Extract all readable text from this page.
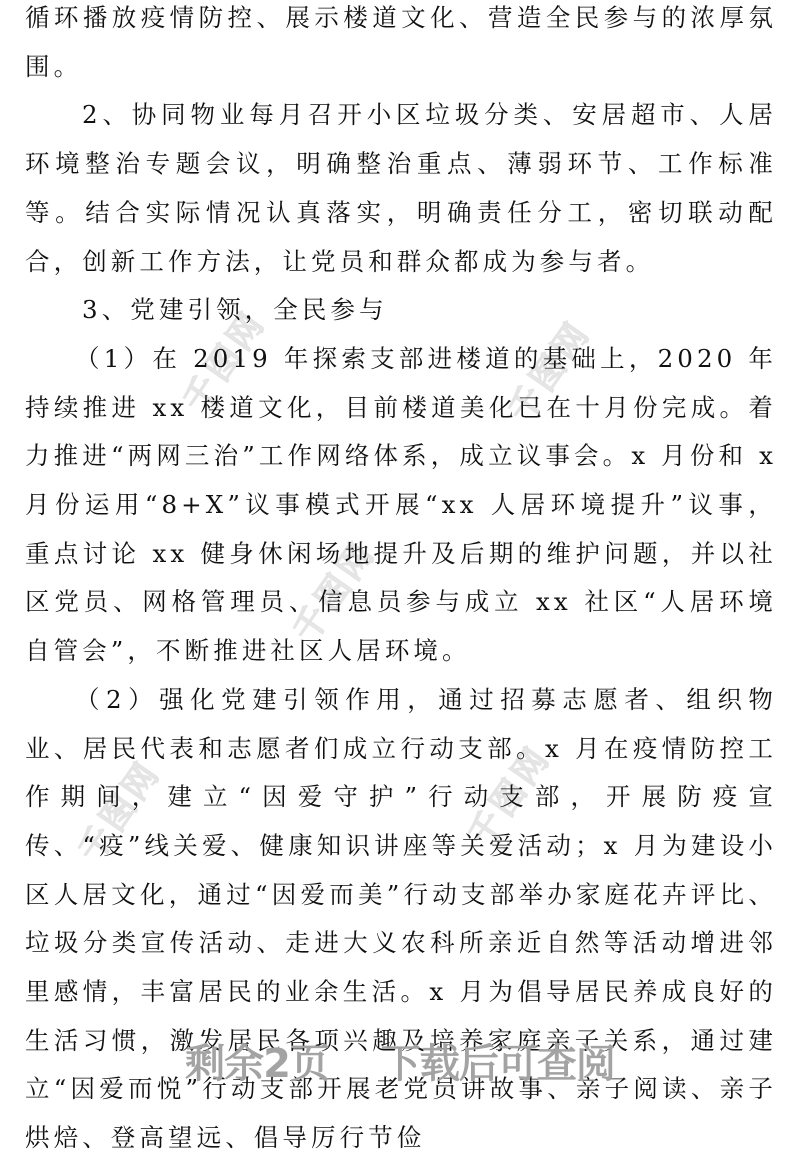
千图网	千图网
千图网
千图网	千图网

循环播放疫情防控、展示楼道文化、营造全民参与的浓厚氛围。

2、协同物业每月召开小区垃圾分类、安居超市、人居环境整治专题会议，明确整治重点、薄弱环节、工作标准等。结合实际情况认真落实，明确责任分工，密切联动配合，创新工作方法，让党员和群众都成为参与者。

3、党建引领，全民参与

（1）在 2019 年探索支部进楼道的基础上，2020 年持续推进 xx 楼道文化，目前楼道美化已在十月份完成。着力推进“两网三治”工作网络体系，成立议事会。x 月份和 x 月份运用“8+X”议事模式开展“xx 人居环境提升”议事，重点讨论 xx 健身休闲场地提升及后期的维护问题，并以社区党员、网格管理员、信息员参与成立 xx 社区“人居环境自管会”，不断推进社区人居环境。

（2）强化党建引领作用，通过招募志愿者、组织物业、居民代表和志愿者们成立行动支部。x 月在疫情防控工作期间，建立“因爱守护”行动支部，开展防疫宣传、“疫”线关爱、健康知识讲座等关爱活动；x 月为建设小区人居文化，通过“因爱而美”行动支部举办家庭花卉评比、垃圾分类宣传活动、走进大义农科所亲近自然等活动增进邻里感情，丰富居民的业余生活。x 月为倡导居民养成良好的生活习惯，激发居民各项兴趣及培养家庭亲子关系，通过建立“因爱而悦”行动支部开展老党员讲故事、亲子阅读、亲子烘焙、登高望远、倡导厉行节俭

剩余2页 下载后可查阅
